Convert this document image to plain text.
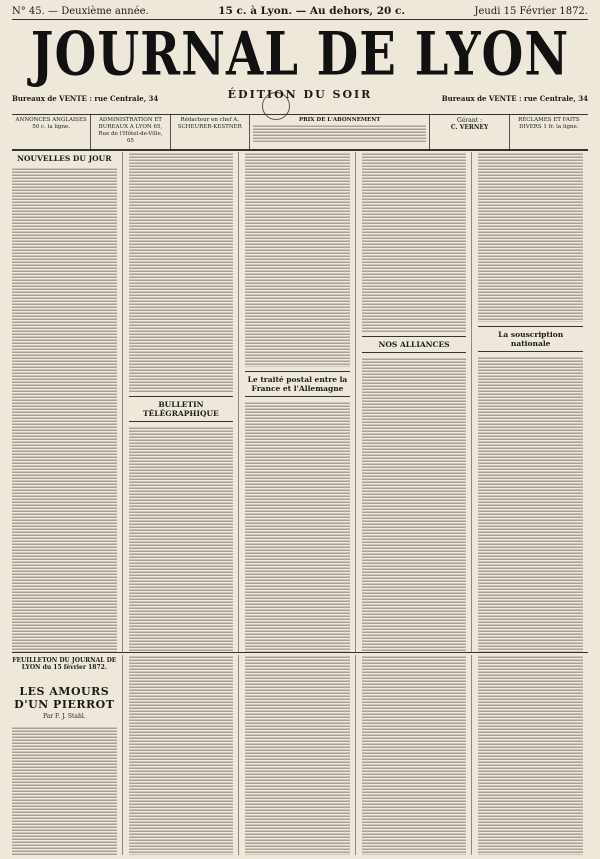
N° 45. — Deuxième année.	15 c. à Lyon. — Au dehors, 20 c.	Jeudi 15 Février 1872.
JOURNAL DE LYON
Bureaux de VENTE : rue Centrale, 34	ÉDITION DU SOIR	Bureaux de VENTE : rue Centrale, 34
ANNONCES ANGLAISES 50 c. la ligne.
ADMINISTRATION ET BUREAUX A LYON 65, Rue de l'Hôtel-de-Ville, 65
Rédacteur en chef A. SCHEURER-KESTNER
PRIX DE L'ABONNEMENT	Gérant :
C. VERNEY
RÉCLAMES ET FAITS DIVERS 1 fr. la ligne.
NOUVELLES DU JOUR
BULLETIN TÉLÉGRAPHIQUE
Le traité postal entre la France et l'Allemagne
NOS ALLIANCES
La souscription nationale
FEUILLETON DU JOURNAL DE LYON du 15 février 1872.
LES AMOURS D'UN PIERROT
Par F. J. Stahl.
